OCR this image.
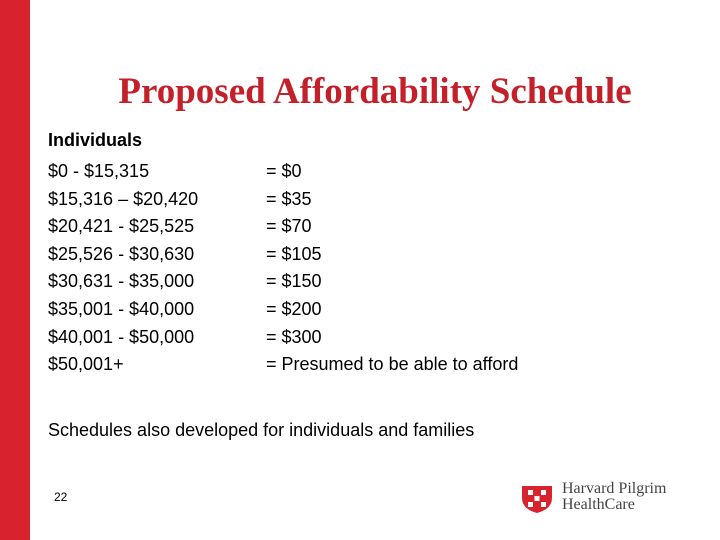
Proposed Affordability Schedule
Individuals
$0 - $15,315	= $0
$15,316 – $20,420	= $35
$20,421 - $25,525	= $70
$25,526 - $30,630	= $105
$30,631 - $35,000	= $150
$35,001 - $40,000	= $200
$40,001 - $50,000	= $300
$50,001+	= Presumed to be able to afford
Schedules also developed for individuals and families
22	Harvard Pilgrim
HealthCare
